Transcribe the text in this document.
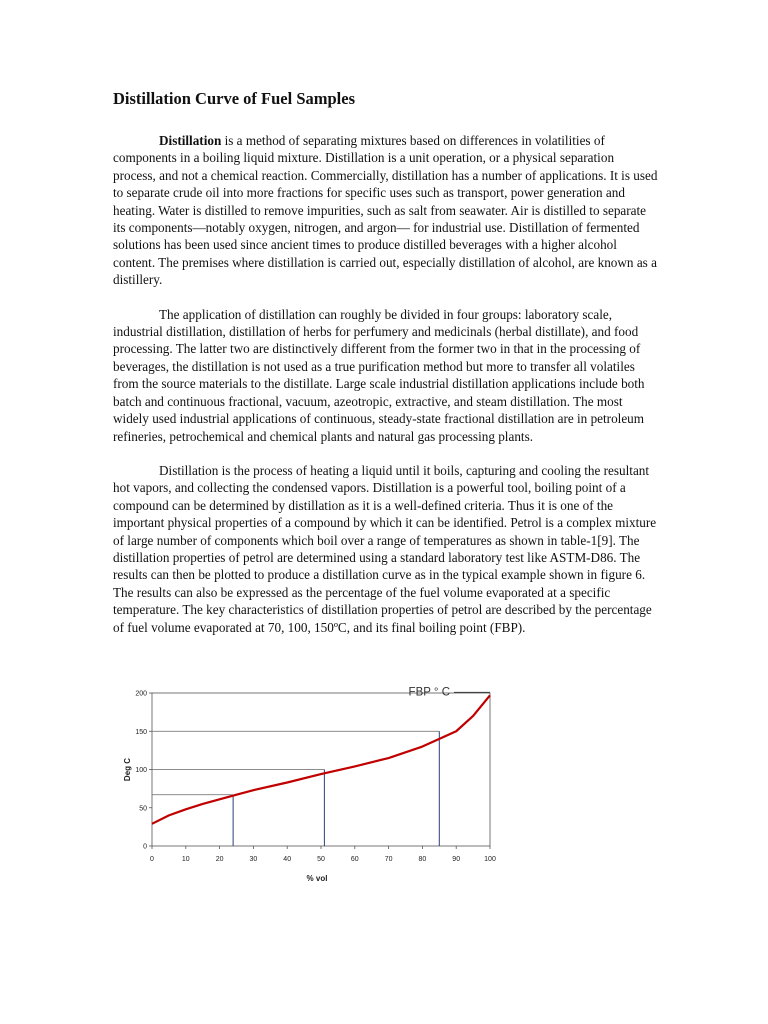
Distillation Curve of Fuel Samples

Distillation is a method of separating mixtures based on differences in volatilities of components in a boiling liquid mixture. Distillation is a unit operation, or a physical separation process, and not a chemical reaction. Commercially, distillation has a number of applications. It is used to separate crude oil into more fractions for specific uses such as transport, power generation and heating. Water is distilled to remove impurities, such as salt from seawater. Air is distilled to separate its components—notably oxygen, nitrogen, and argon— for industrial use. Distillation of fermented solutions has been used since ancient times to produce distilled beverages with a higher alcohol content. The premises where distillation is carried out, especially distillation of alcohol, are known as a distillery.

The application of distillation can roughly be divided in four groups: laboratory scale, industrial distillation, distillation of herbs for perfumery and medicinals (herbal distillate), and food processing. The latter two are distinctively different from the former two in that in the processing of beverages, the distillation is not used as a true purification method but more to transfer all volatiles from the source materials to the distillate. Large scale industrial distillation applications include both batch and continuous fractional, vacuum, azeotropic, extractive, and steam distillation. The most widely used industrial applications of continuous, steady-state fractional distillation are in petroleum refineries, petrochemical and chemical plants and natural gas processing plants.

Distillation is the process of heating a liquid until it boils, capturing and cooling the resultant hot vapors, and collecting the condensed vapors. Distillation is a powerful tool, boiling point of a compound can be determined by distillation as it is a well-defined criteria. Thus it is one of the important physical properties of a compound by which it can be identified. Petrol is a complex mixture of large number of components which boil over a range of temperatures as shown in table-1[9]. The distillation properties of petrol are determined using a standard laboratory test like ASTM-D86. The results can then be plotted to produce a distillation curve as in the typical example shown in figure 6. The results can also be expressed as the percentage of the fuel volume evaporated at a specific temperature. The key characteristics of distillation properties of petrol are described by the percentage of fuel volume evaporated at 70, 100, 150ºC, and its final boiling point (FBP).

0
50
100
150
200
0	10	20	30	40	50	60	70	80	90	100
% vol
Deg C
FBP ° C
